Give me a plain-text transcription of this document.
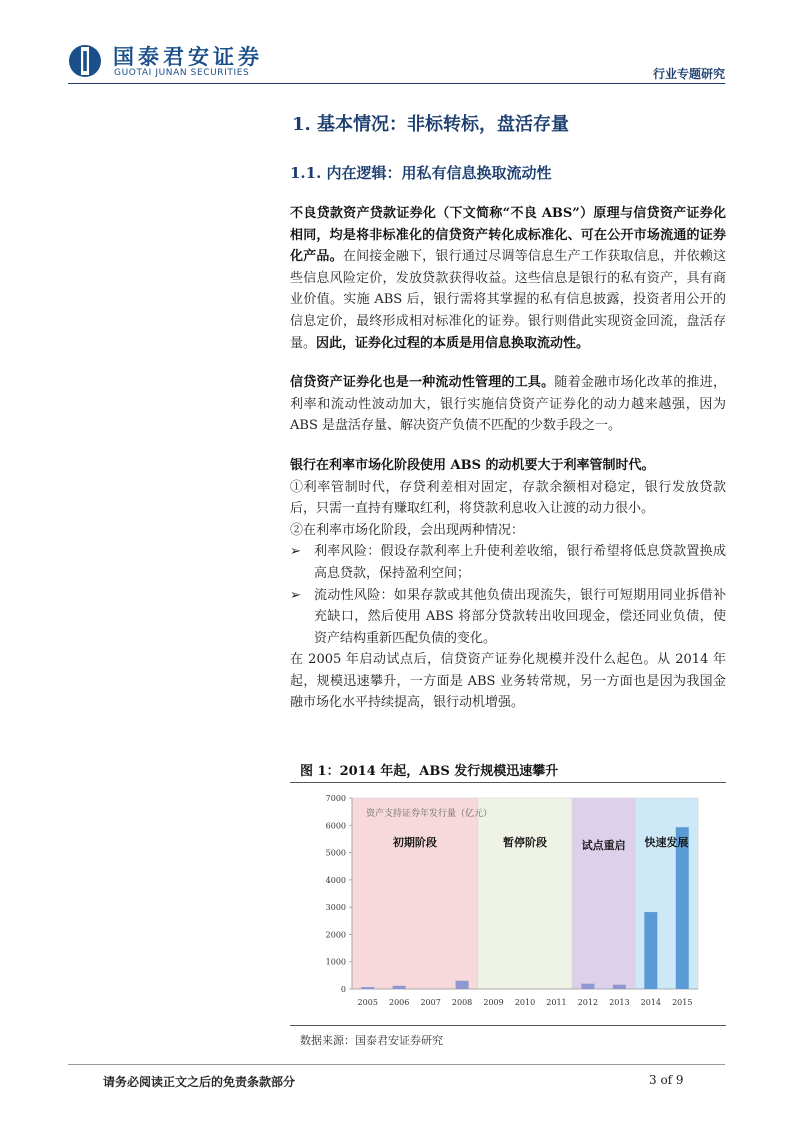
国泰君安证券
GUOTAI JUNAN SECURITIES	行业专题研究
1. 基本情况：非标转标，盘活存量
1.1. 内在逻辑：用私有信息换取流动性

不良贷款资产贷款证券化（下文简称“不良 ABS”）原理与信贷资产证券化相同，均是将非标准化的信贷资产转化成标准化、可在公开市场流通的证券化产品。在间接金融下，银行通过尽调等信息生产工作获取信息，并依赖这些信息风险定价，发放贷款获得收益。这些信息是银行的私有资产，具有商业价值。实施 ABS 后，银行需将其掌握的私有信息披露，投资者用公开的信息定价，最终形成相对标准化的证券。银行则借此实现资金回流，盘活存量。因此，证券化过程的本质是用信息换取流动性。

信贷资产证券化也是一种流动性管理的工具。随着金融市场化改革的推进，利率和流动性波动加大，银行实施信贷资产证券化的动力越来越强，因为 ABS 是盘活存量、解决资产负债不匹配的少数手段之一。

银行在利率市场化阶段使用 ABS 的动机要大于利率管制时代。

①利率管制时代，存贷利差相对固定，存款余额相对稳定，银行发放贷款后，只需一直持有赚取红利，将贷款利息收入让渡的动力很小。

②在利率市场化阶段，会出现两种情况：

➢	利率风险：假设存款利率上升使利差收缩，银行希望将低息贷款置换成高息贷款，保持盈利空间；
➢	流动性风险：如果存款或其他负债出现流失，银行可短期用同业拆借补充缺口，然后使用 ABS 将部分贷款转出收回现金，偿还同业负债，使资产结构重新匹配负债的变化。

在 2005 年启动试点后，信贷资产证券化规模并没什么起色。从 2014 年起，规模迅速攀升，一方面是 ABS 业务转常规，另一方面也是因为我国金融市场化水平持续提高，银行动机增强。

图 1：2014 年起，ABS 发行规模迅速攀升
0
1000
2000
3000
4000
5000
6000
7000
2005 2006 2007 2008 2009 2010 2011 2012 2013 2014 2015
初期阶段	暂停阶段	试点重启 快速发展
资产支持证券年发行量（亿元）
数据来源：国泰君安证券研究
请务必阅读正文之后的免责条款部分	3 of 9
